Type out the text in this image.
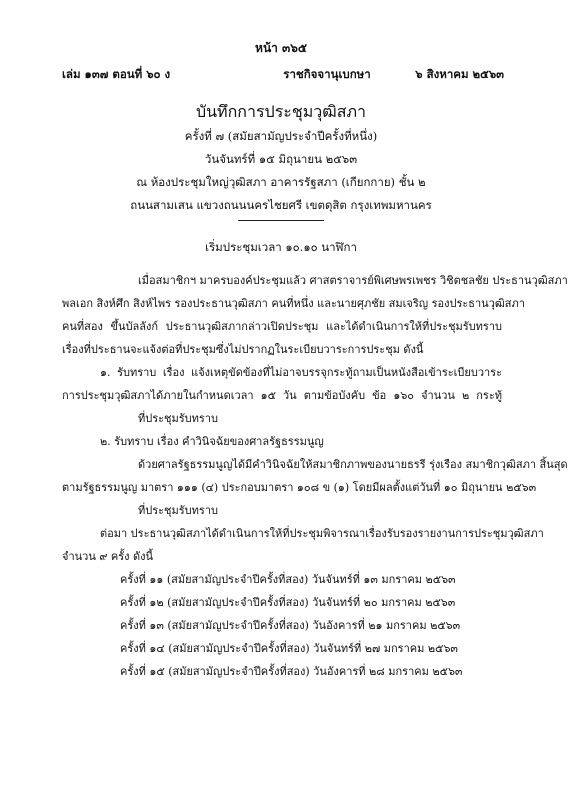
หน้า ๓๖๕
เล่ม ๑๓๗ ตอนที่ ๖๐ ง	ราชกิจจานุเบกษา	๖ สิงหาคม ๒๕๖๓
บันทึกการประชุมวุฒิสภา
ครั้งที่ ๗ (สมัยสามัญประจำปีครั้งที่หนึ่ง)
วันจันทร์ที่ ๑๕ มิถุนายน ๒๕๖๓
ณ ห้องประชุมใหญ่วุฒิสภา อาคารรัฐสภา (เกียกกาย) ชั้น ๒
ถนนสามเสน แขวงถนนนครไชยศรี เขตดุสิต กรุงเทพมหานคร
เริ่มประชุมเวลา ๑๐.๑๐ นาฬิกา
เมื่อสมาชิกฯ มาครบองค์ประชุมแล้ว ศาสตราจารย์พิเศษพรเพชร วิชิตชลชัย ประธานวุฒิสภา
พลเอก สิงห์ศึก สิงห์ไพร รองประธานวุฒิสภา คนที่หนึ่ง และนายศุภชัย สมเจริญ รองประธานวุฒิสภา
คนที่สอง ขึ้นบัลลังก์ ประธานวุฒิสภากล่าวเปิดประชุม และได้ดำเนินการให้ที่ประชุมรับทราบ
เรื่องที่ประธานจะแจ้งต่อที่ประชุมซึ่งไม่ปรากฏในระเบียบวาระการประชุม ดังนี้
๑. รับทราบ เรื่อง แจ้งเหตุขัดข้องที่ไม่อาจบรรจุกระทู้ถามเป็นหนังสือเข้าระเบียบวาระ
การประชุมวุฒิสภาได้ภายในกำหนดเวลา ๑๕ วัน ตามข้อบังคับ ข้อ ๑๖๐ จำนวน ๒ กระทู้
ที่ประชุมรับทราบ
๒. รับทราบ เรื่อง คำวินิจฉัยของศาลรัฐธรรมนูญ
ด้วยศาลรัฐธรรมนูญได้มีคำวินิจฉัยให้สมาชิกภาพของนายธรรี รุ่งเรือง สมาชิกวุฒิสภา สิ้นสุด
ตามรัฐธรรมนูญ มาตรา ๑๑๑ (๔) ประกอบมาตรา ๑๐๘ ข (๑) โดยมีผลตั้งแต่วันที่ ๑๐ มิถุนายน ๒๕๖๓
ที่ประชุมรับทราบ
ต่อมา ประธานวุฒิสภาได้ดำเนินการให้ที่ประชุมพิจารณาเรื่องรับรองรายงานการประชุมวุฒิสภา
จำนวน ๙ ครั้ง ดังนี้
ครั้งที่ ๑๑ (สมัยสามัญประจำปีครั้งที่สอง) วันจันทร์ที่ ๑๓ มกราคม ๒๕๖๓
ครั้งที่ ๑๒ (สมัยสามัญประจำปีครั้งที่สอง) วันจันทร์ที่ ๒๐ มกราคม ๒๕๖๓
ครั้งที่ ๑๓ (สมัยสามัญประจำปีครั้งที่สอง) วันอังคารที่ ๒๑ มกราคม ๒๕๖๓
ครั้งที่ ๑๔ (สมัยสามัญประจำปีครั้งที่สอง) วันจันทร์ที่ ๒๗ มกราคม ๒๕๖๓
ครั้งที่ ๑๕ (สมัยสามัญประจำปีครั้งที่สอง) วันอังคารที่ ๒๘ มกราคม ๒๕๖๓
